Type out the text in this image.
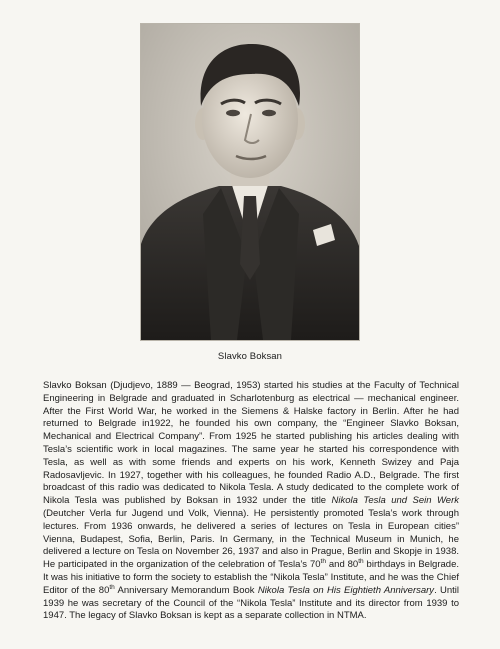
Slavko Boksan

Slavko Boksan (Djudjevo, 1889 — Beograd, 1953) started his studies at the Faculty of Technical Engineering in Belgrade and graduated in Scharlotenburg as electrical — mechanical engineer. After the First World War, he worked in the Siemens & Halske factory in Berlin. After he had returned to Belgrade in1922, he founded his own company, the “Engineer Slavko Boksan, Mechanical and Electrical Company”. From 1925 he started publishing his articles dealing with Tesla’s scientific work in local magazines. The same year he started his correspondence with Tesla, as well as with some friends and experts on his work, Kenneth Swizey and Paja Radosavljevic. In 1927, together with his colleagues, he founded Radio A.D., Belgrade. The first broadcast of this radio was dedicated to Nikola Tesla. A study dedicated to the complete work of Nikola Tesla was published by Boksan in 1932 under the title Nikola Tesla und Sein Werk (Deutcher Verla fur Jugend und Volk, Vienna). He persistently promoted Tesla’s work through lectures. From 1936 onwards, he delivered a series of lectures on Tesla in European cities” Vienna, Budapest, Sofia, Berlin, Paris. In Germany, in the Technical Museum in Munich, he delivered a lecture on Tesla on November 26, 1937 and also in Prague, Berlin and Skopje in 1938. He participated in the organization of the celebration of Tesla’s 70th and 80th birthdays in Belgrade. It was his initiative to form the society to establish the “Nikola Tesla” Institute, and he was the Chief Editor of the 80th Anniversary Memorandum Book Nikola Tesla on His Eightieth Anniversary. Until 1939 he was secretary of the Council of the “Nikola Tesla” Institute and its director from 1939 to 1947. The legacy of Slavko Boksan is kept as a separate collection in NTMA.
